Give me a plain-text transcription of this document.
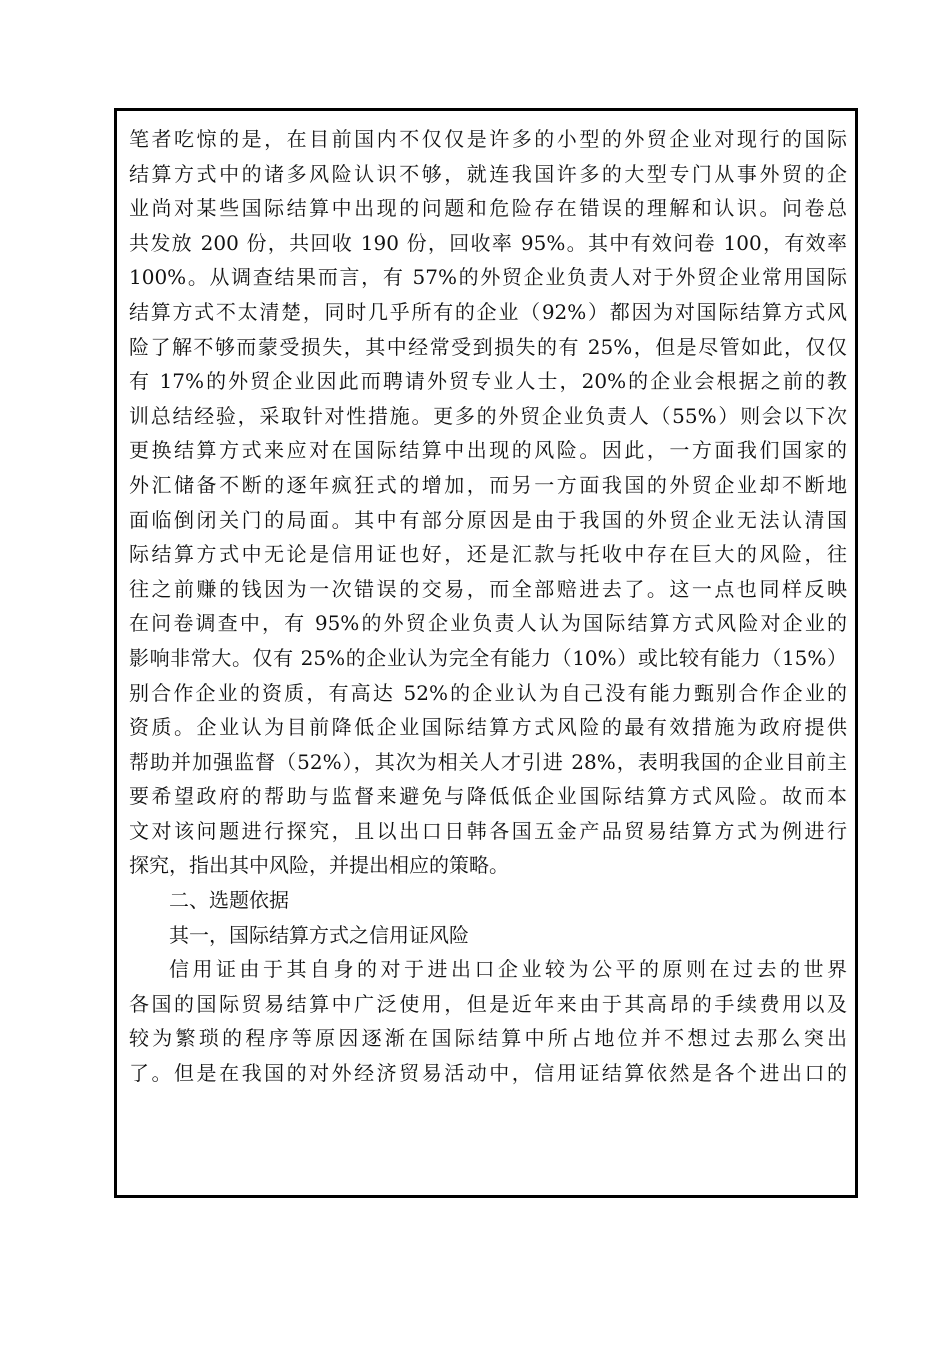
笔者吃惊的是，在目前国内不仅仅是许多的小型的外贸企业对现行的国际
结算方式中的诸多风险认识不够，就连我国许多的大型专门从事外贸的企
业尚对某些国际结算中出现的问题和危险存在错误的理解和认识。问卷总
共发放 200 份，共回收 190 份，回收率 95%。其中有效问卷 100，有效率
100%。从调查结果而言，有 57%的外贸企业负责人对于外贸企业常用国际
结算方式不太清楚，同时几乎所有的企业（92%）都因为对国际结算方式风
险了解不够而蒙受损失，其中经常受到损失的有 25%，但是尽管如此，仅仅
有 17%的外贸企业因此而聘请外贸专业人士，20%的企业会根据之前的教
训总结经验，采取针对性措施。更多的外贸企业负责人（55%）则会以下次
更换结算方式来应对在国际结算中出现的风险。因此，一方面我们国家的
外汇储备不断的逐年疯狂式的增加，而另一方面我国的外贸企业却不断地
面临倒闭关门的局面。其中有部分原因是由于我国的外贸企业无法认清国
际结算方式中无论是信用证也好，还是汇款与托收中存在巨大的风险，往
往之前赚的钱因为一次错误的交易，而全部赔进去了。这一点也同样反映
在问卷调查中，有 95%的外贸企业负责人认为国际结算方式风险对企业的
影响非常大。仅有 25%的企业认为完全有能力（10%）或比较有能力（15%）
别合作企业的资质，有高达 52%的企业认为自己没有能力甄别合作企业的
资质。企业认为目前降低企业国际结算方式风险的最有效措施为政府提供
帮助并加强监督（52%），其次为相关人才引进 28%，表明我国的企业目前主
要希望政府的帮助与监督来避免与降低低企业国际结算方式风险。故而本
文对该问题进行探究，且以出口日韩各国五金产品贸易结算方式为例进行
探究，指出其中风险，并提出相应的策略。
二、选题依据
其一，国际结算方式之信用证风险
信用证由于其自身的对于进出口企业较为公平的原则在过去的世界
各国的国际贸易结算中广泛使用，但是近年来由于其高昂的手续费用以及
较为繁琐的程序等原因逐渐在国际结算中所占地位并不想过去那么突出
了。但是在我国的对外经济贸易活动中，信用证结算依然是各个进出口的
